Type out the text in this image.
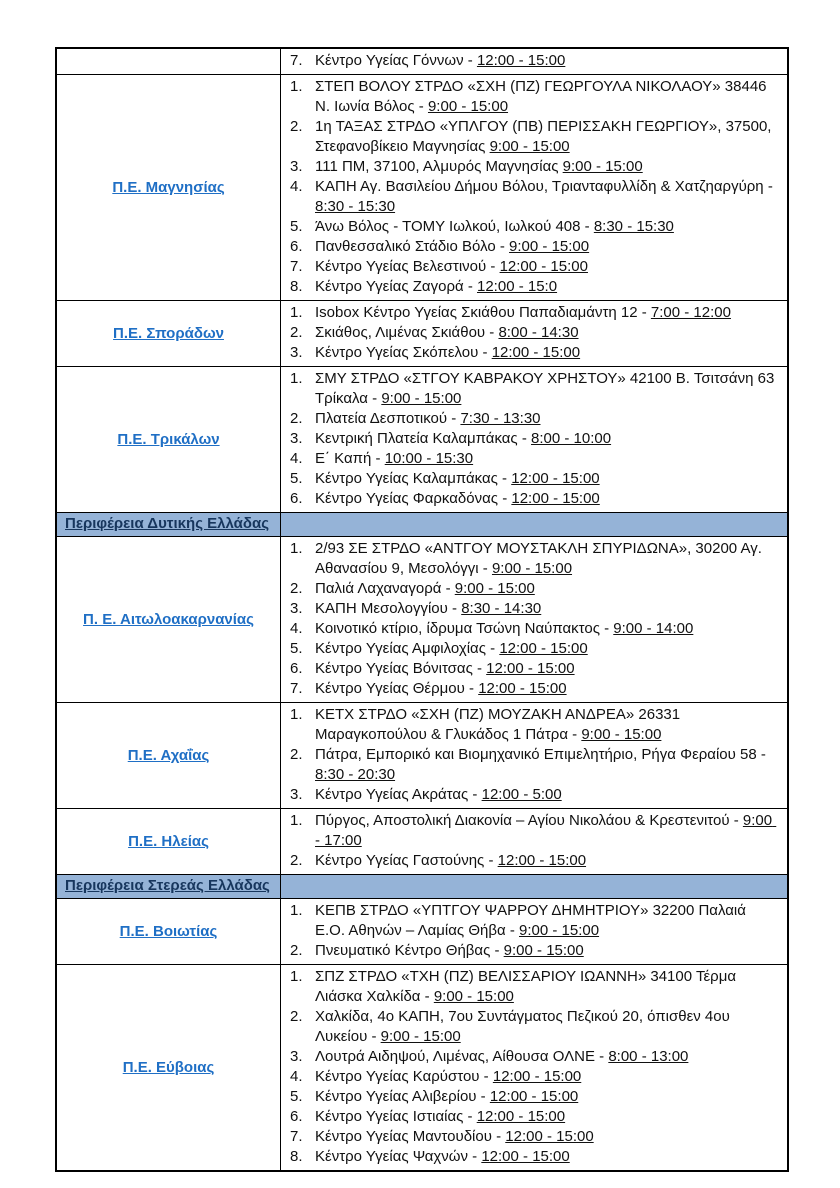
	7. Κέντρο Υγείας Γόννων - 12:00 - 15:00

Π.Ε. Μαγνησίας	
1. ΣΤΕΠ ΒΟΛΟΥ ΣΤΡΔΟ «ΣΧΗ (ΠΖ) ΓΕΩΡΓΟΥΛΑ ΝΙΚΟΛΑΟΥ» 38446 Ν. Ιωνία Βόλος - 9:00 - 15:00
2. 1η ΤΑΞΑΣ ΣΤΡΔΟ «ΥΠΛΓΟΥ (ΠΒ) ΠΕΡΙΣΣΑΚΗ ΓΕΩΡΓΙΟΥ», 37500, Στεφανοβίκειο Μαγνησίας 9:00 - 15:00
3. 111 ΠΜ, 37100, Αλμυρός Μαγνησίας 9:00 - 15:00
4. ΚΑΠΗ Αγ. Βασιλείου Δήμου Βόλου, Τριανταφυλλίδη & Χατζηαργύρη - 8:30 - 15:30
5. Άνω Βόλος - ΤΟΜΥ Ιωλκού, Ιωλκού 408 - 8:30 - 15:30
6. Πανθεσσαλικό Στάδιο Βόλο - 9:00 - 15:00
7. Κέντρο Υγείας Βελεστινού - 12:00 - 15:00
8. Κέντρο Υγείας Ζαγορά - 12:00 - 15:0

Π.Ε. Σποράδων	
1. Isobox Κέντρο Υγείας Σκιάθου Παπαδιαμάντη 12 - 7:00 - 12:00
2. Σκιάθος, Λιμένας Σκιάθου - 8:00 - 14:30
3. Κέντρο Υγείας Σκόπελου - 12:00 - 15:00

Π.Ε. Τρικάλων	
1. ΣΜΥ ΣΤΡΔΟ «ΣΤΓΟΥ ΚΑΒΡΑΚΟΥ ΧΡΗΣΤΟΥ» 42100 Β. Τσιτσάνη 63 Τρίκαλα - 9:00 - 15:00
2. Πλατεία Δεσποτικού - 7:30 - 13:30
3. Κεντρική Πλατεία Καλαμπάκας - 8:00 - 10:00
4. Ε΄ Καπή - 10:00 - 15:30
5. Κέντρο Υγείας Καλαμπάκας - 12:00 - 15:00
6. Κέντρο Υγείας Φαρκαδόνας - 12:00 - 15:00

Περιφέρεια Δυτικής Ελλάδας	
Π. Ε. Αιτωλοακαρνανίας	
1. 2/93 ΣΕ ΣΤΡΔΟ «ΑΝΤΓΟΥ ΜΟΥΣΤΑΚΛΗ ΣΠΥΡΙΔΩΝΑ», 30200 Αγ. Αθανασίου 9, Μεσολόγγι - 9:00 - 15:00
2. Παλιά Λαχαναγορά - 9:00 - 15:00
3. ΚΑΠΗ Μεσολογγίου - 8:30 - 14:30
4. Κοινοτικό κτίριο, ίδρυμα Τσώνη Ναύπακτος - 9:00 - 14:00
5. Κέντρο Υγείας Αμφιλοχίας - 12:00 - 15:00
6. Κέντρο Υγείας Βόνιτσας - 12:00 - 15:00
7. Κέντρο Υγείας Θέρμου - 12:00 - 15:00

Π.Ε. Αχαΐας	
1. ΚΕΤΧ ΣΤΡΔΟ «ΣΧΗ (ΠΖ) ΜΟΥΖΑΚΗ ΑΝΔΡΕΑ» 26331 Μαραγκοπούλου & Γλυκάδος 1 Πάτρα - 9:00 - 15:00
2. Πάτρα, Εμπορικό και Βιομηχανικό Επιμελητήριο, Ρήγα Φεραίου 58 - 8:30 - 20:30
3. Κέντρο Υγείας Ακράτας - 12:00 - 5:00

Π.Ε. Ηλείας	1. Πύργος, Αποστολική Διακονία – Αγίου Νικολάου & Κρεστενιτού - 9:00 - 17:00
2. Κέντρο Υγείας Γαστούνης - 12:00 - 15:00

Περιφέρεια Στερεάς Ελλάδας	
Π.Ε. Βοιωτίας	1. ΚΕΠΒ ΣΤΡΔΟ «ΥΠΤΓΟΥ ΨΑΡΡΟΥ ΔΗΜΗΤΡΙΟΥ» 32200 Παλαιά Ε.Ο. Αθηνών – Λαμίας Θήβα - 9:00 - 15:00
2. Πνευματικό Κέντρο Θήβας - 9:00 - 15:00

Π.Ε. Εύβοιας	
1. ΣΠΖ ΣΤΡΔΟ «ΤΧΗ (ΠΖ) ΒΕΛΙΣΣΑΡΙΟΥ ΙΩΑΝΝΗ» 34100 Τέρμα Λιάσκα Χαλκίδα - 9:00 - 15:00
2. Χαλκίδα, 4ο ΚΑΠΗ, 7ου Συντάγματος Πεζικού 20, όπισθεν 4ου Λυκείου - 9:00 - 15:00
3. Λουτρά Αιδηψού, Λιμένας, Αίθουσα ΟΛΝΕ - 8:00 - 13:00
4. Κέντρο Υγείας Καρύστου - 12:00 - 15:00
5. Κέντρο Υγείας Αλιβερίου - 12:00 - 15:00
6. Κέντρο Υγείας Ιστιαίας - 12:00 - 15:00
7. Κέντρο Υγείας Μαντουδίου - 12:00 - 15:00
8. Κέντρο Υγείας Ψαχνών - 12:00 - 15:00
